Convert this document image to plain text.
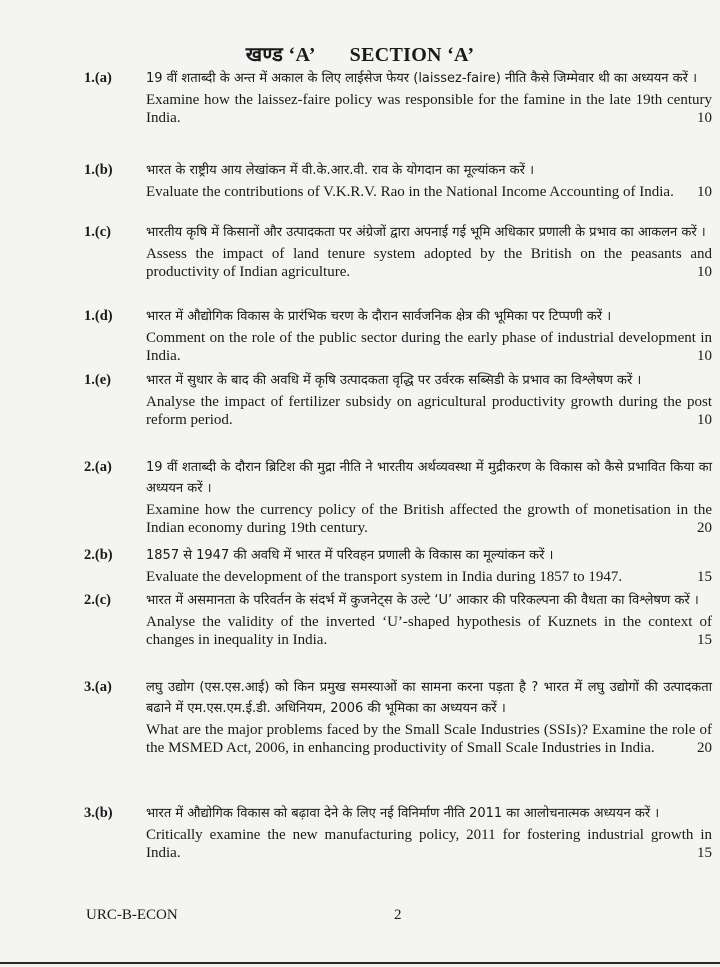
खण्ड ‘A’ SECTION ‘A’
1.(a)	19 वीं शताब्दी के अन्त में अकाल के लिए लाईसेज फेयर (laissez-faire) नीति कैसे जिम्मेवार थी का अध्ययन करें ।
Examine how the laissez-faire policy was responsible for the famine in the late 19th century India.	10
1.(b)	भारत के राष्ट्रीय आय लेखांकन में वी.के.आर.वी. राव के योगदान का मूल्यांकन करें ।
Evaluate the contributions of V.K.R.V. Rao in the National Income Accounting of India.	10
1.(c)	भारतीय कृषि में किसानों और उत्पादकता पर अंग्रेजों द्वारा अपनाई गई भूमि अधिकार प्रणाली के प्रभाव का आकलन करें ।
Assess the impact of land tenure system adopted by the British on the peasants and productivity of Indian agriculture.	10
1.(d)	भारत में औद्योगिक विकास के प्रारंभिक चरण के दौरान सार्वजनिक क्षेत्र की भूमिका पर टिप्पणी करें ।
Comment on the role of the public sector during the early phase of industrial development in India.	10
1.(e)	भारत में सुधार के बाद की अवधि में कृषि उत्पादकता वृद्धि पर उर्वरक सब्सिडी के प्रभाव का विश्लेषण करें ।
Analyse the impact of fertilizer subsidy on agricultural productivity growth during the post reform period.	10
2.(a)	19 वीं शताब्दी के दौरान ब्रिटिश की मुद्रा नीति ने भारतीय अर्थव्यवस्था में मुद्रीकरण के विकास को कैसे प्रभावित किया का अध्ययन करें ।
Examine how the currency policy of the British affected the growth of monetisation in the Indian economy during 19th century.	20
2.(b)	1857 से 1947 की अवधि में भारत में परिवहन प्रणाली के विकास का मूल्यांकन करें ।
Evaluate the development of the transport system in India during 1857 to 1947.	15
2.(c)	भारत में असमानता के परिवर्तन के संदर्भ में कुजनेट्स के उल्टे ‘U’ आकार की परिकल्पना की वैधता का विश्लेषण करें ।
Analyse the validity of the inverted ‘U’-shaped hypothesis of Kuznets in the context of changes in inequality in India.	15
3.(a)	लघु उद्योग (एस.एस.आई) को किन प्रमुख समस्याओं का सामना करना पड़ता है ? भारत में लघु उद्योगों की उत्पादकता बढाने में एम.एस.एम.ई.डी. अधिनियम, 2006 की भूमिका का अध्ययन करें ।
What are the major problems faced by the Small Scale Industries (SSIs)? Examine the role of the MSMED Act, 2006, in enhancing productivity of Small Scale Industries in India.	20
3.(b)	भारत में औद्योगिक विकास को बढ़ावा देने के लिए नई विनिर्माण नीति 2011 का आलोचनात्मक अध्ययन करें ।
Critically examine the new manufacturing policy, 2011 for fostering industrial growth in India.	15
URC-B-ECON	2
